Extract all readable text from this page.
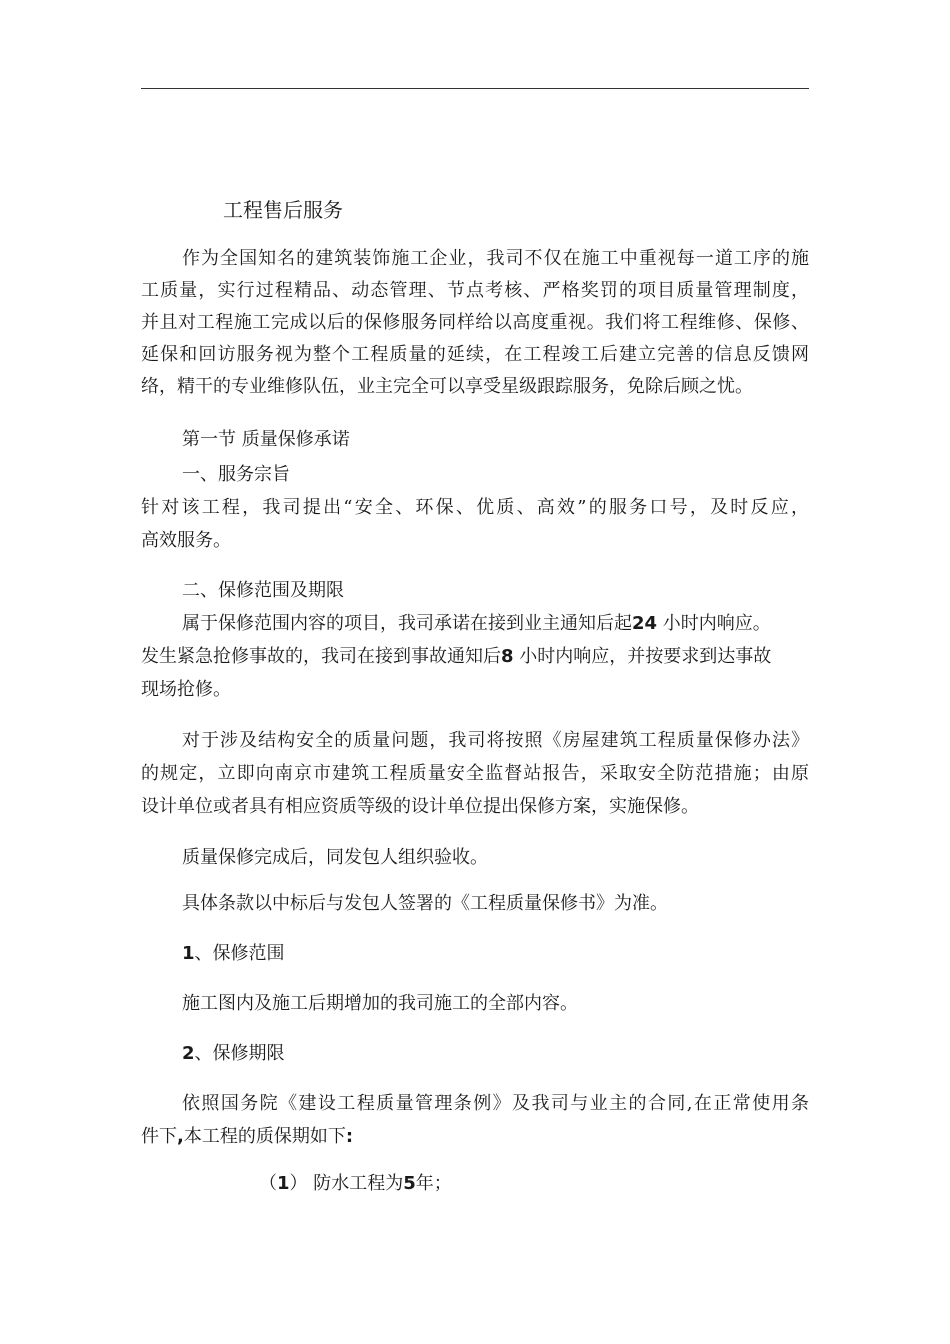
工程售后服务
作为全国知名的建筑装饰施工企业，我司不仅在施工中重视每一道工序的施
工质量，实行过程精品、动态管理、节点考核、严格奖罚的项目质量管理制度，
并且对工程施工完成以后的保修服务同样给以高度重视。我们将工程维修、保修、
延保和回访服务视为整个工程质量的延续，在工程竣工后建立完善的信息反馈网
络，精干的专业维修队伍，业主完全可以享受星级跟踪服务，免除后顾之忧。
第一节 质量保修承诺
一、服务宗旨
针对该工程，我司提出“安全、环保、优质、高效”的服务口号，及时反应，
高效服务。
二、保修范围及期限
属于保修范围内容的项目，我司承诺在接到业主通知后起24 小时内响应。
发生紧急抢修事故的，我司在接到事故通知后8 小时内响应，并按要求到达事故
现场抢修。
对于涉及结构安全的质量问题，我司将按照《房屋建筑工程质量保修办法》
的规定，立即向南京市建筑工程质量安全监督站报告，采取安全防范措施；由原
设计单位或者具有相应资质等级的设计单位提出保修方案，实施保修。
质量保修完成后，同发包人组织验收。
具体条款以中标后与发包人签署的《工程质量保修书》为准。
1、保修范围
施工图内及施工后期增加的我司施工的全部内容。
2、保修期限
依照国务院《建设工程质量管理条例》及我司与业主的合同,在正常使用条
件下,本工程的质保期如下:
（1） 防水工程为5年；
